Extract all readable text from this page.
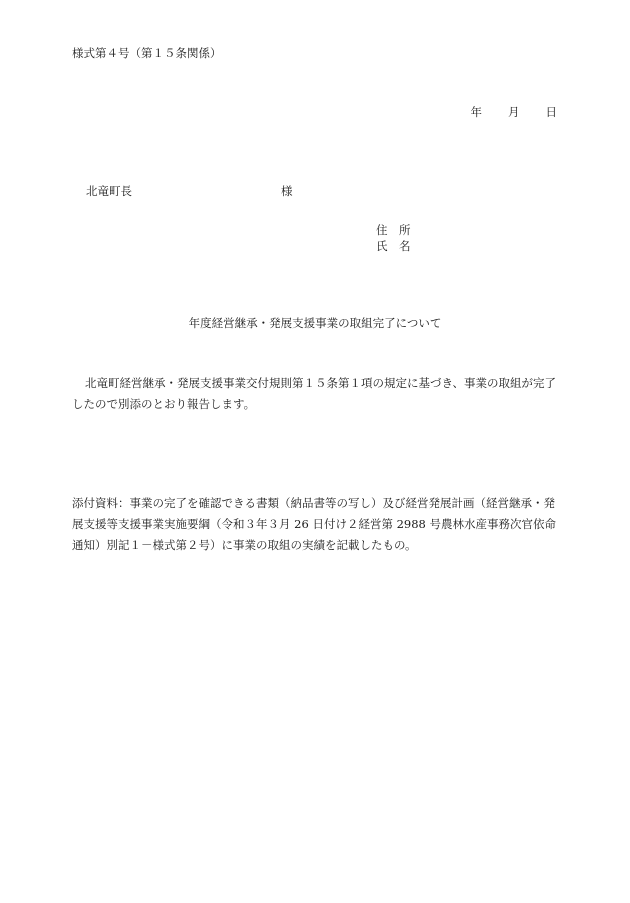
様式第４号（第１５条関係）
年 月 日
北竜町長	様
住　所
氏　名
年度経営継承・発展支援事業の取組完了について
北竜町経営継承・発展支援事業交付規則第１５条第１項の規定に基づき、事業の取組が完了したので別添のとおり報告します。
添付資料：事業の完了を確認できる書類（納品書等の写し）及び経営発展計画（経営継承・発展支援等支援事業実施要綱（令和３年３月 26 日付け２経営第 2988 号農林水産事務次官依命通知）別記１－様式第２号）に事業の取組の実績を記載したもの。
